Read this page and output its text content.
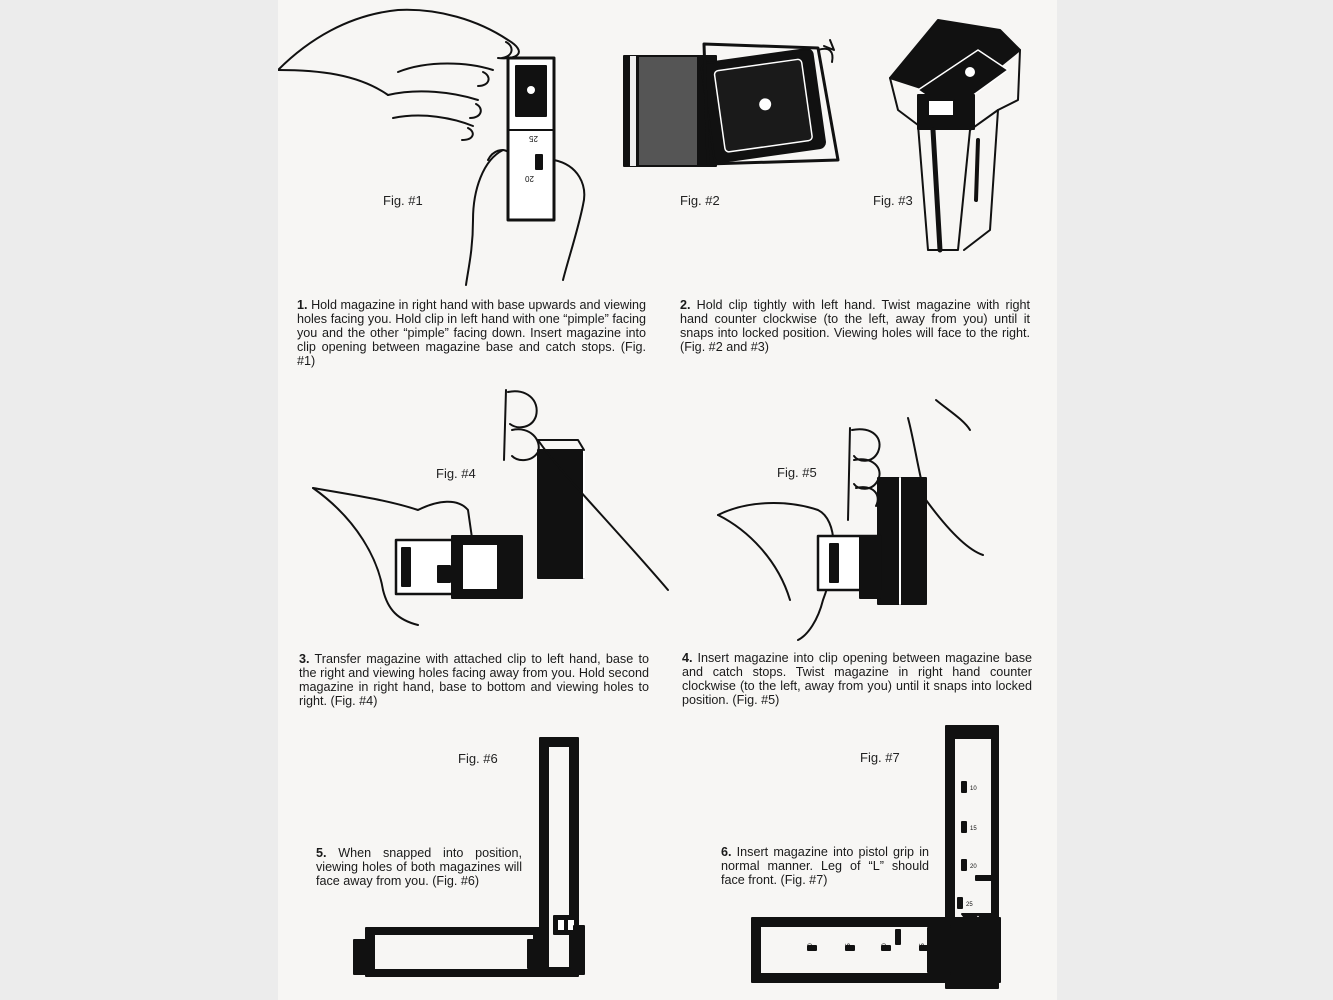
25
20
10
15
20
25
10	15	20	25
Fig. #1	Fig. #2	Fig. #3
Fig. #4	Fig. #5
Fig. #6	Fig. #7

1. Hold magazine in right hand with base upwards and viewing holes facing you. Hold clip in left hand with one “pimple” facing you and the other “pimple” facing down. Insert magazine into clip opening between magazine base and catch stops. (Fig. #1)

2. Hold clip tightly with left hand. Twist magazine with right hand counter clockwise (to the left, away from you) until it snaps into locked position. Viewing holes will face to the right. (Fig. #2 and #3)

3. Transfer magazine with attached clip to left hand, base to the right and viewing holes facing away from you. Hold second magazine in right hand, base to bottom and viewing holes to right. (Fig. #4)

4. Insert magazine into clip opening between magazine base and catch stops. Twist magazine in right hand counter clockwise (to the left, away from you) until it snaps into locked position. (Fig. #5)

5. When snapped into position, viewing holes of both magazines will face away from you. (Fig. #6)

6. Insert magazine into pistol grip in normal manner. Leg of “L” should face front. (Fig. #7)
